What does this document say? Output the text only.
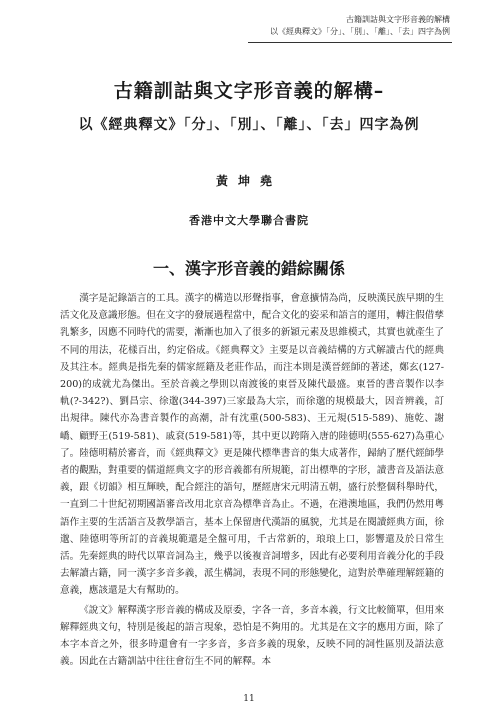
古籍訓詁與文字形音義的解構
以《經典釋文》「分」、「別」、「離」、「去」四字為例
古籍訓詁與文字形音義的解構–
以《經典釋文》「分」、「別」、「離」、「去」四字為例
黃坤堯
香港中文大學聯合書院
一、漢字形音義的錯綜關係

漢字是記錄語言的工具。漢字的構造以形聲指事，會意擴情為尚，反映漢民族早期的生活文化及意識形態。但在文字的發展過程當中，配合文化的姿采和語言的運用，轉注假借孳乳繁多，因應不同時代的需要，漸漸也加入了很多的新穎元素及思維模式，其實也就產生了不同的用法，花樣百出，約定俗成。《經典釋文》主要是以音義結構的方式解讀古代的經典及其注本。經典是指先秦的儒家經籍及老莊作品，而注本則是漢晉經師的著述，鄭玄(127-200)的成就尤為傑出。至於音義之學則以南渡後的東晉及陳代最盛。東晉的書音製作以李軌(?-342?)、劉昌宗、徐邈(344-397)三家最為大宗，而徐邈的規模最大，因音辨義，訂出規律。陳代亦為書音製作的高潮，計有沈重(500-583)、王元規(515-589)、施乾、謝嶠、顧野王(519-581)、戚袞(519-581)等，其中更以跨隋入唐的陸德明(555-627)為重心了。陸德明精於審音，而《經典釋文》更是陳代標準書音的集大成著作，歸納了歷代經師學者的觀點，對重要的儒道經典文字的形音義都有所規範，訂出標準的字形，讀書音及語法意義，跟《切韻》相互輝映，配合經注的語句，歷經唐宋元明清五朝，盛行於整個科舉時代，一直到二十世紀初期國語審音改用北京音為標準音為止。不過，在港澳地區，我們仍然用粵語作主要的生活語言及教學語言，基本上保留唐代漢語的風貌，尤其是在閱讀經典方面，徐邈、陸德明等所訂的音義規範還是全盤可用，千古常新的，琅琅上口，影響還及於日常生活。先秦經典的時代以單音詞為主，幾乎以後複音詞增多，因此有必要利用音義分化的手段去解讀古籍，同一漢字多音多義，派生構詞，表現不同的形態變化，這對於準確理解經籍的意義，應該還是大有幫助的。

《說文》解釋漢字形音義的構成及原委，字各一音，多音本義，行文比較簡單，但用來解釋經典文句，特別是後起的語言現象，恐怕是不夠用的。尤其是在文字的應用方面，除了本字本音之外，很多時還會有一字多音，多音多義的現象，反映不同的詞性區別及語法意義。因此在古籍訓詁中往往會衍生不同的解釋。本

11
